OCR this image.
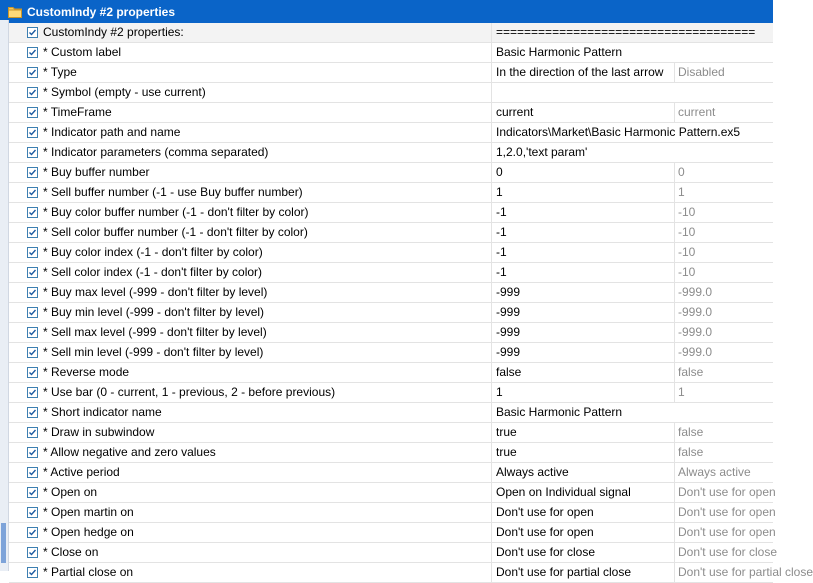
CustomIndy #2 properties
CustomIndy #2 properties:	=====================================
* Custom label	Basic Harmonic Pattern
* Type	In the direction of the last arrow	Disabled
* Symbol (empty - use current)
* TimeFrame	current	current
* Indicator path and name	Indicators\Market\Basic Harmonic Pattern.ex5
* Indicator parameters (comma separated)	1,2.0,'text param'
* Buy buffer number	0	0
* Sell buffer number (-1 - use Buy buffer number)	1	1
* Buy color buffer number (-1 - don't filter by color)	-1	-10
* Sell color buffer number (-1 - don't filter by color)	-1	-10
* Buy color index (-1 - don't filter by color)	-1	-10
* Sell color index (-1 - don't filter by color)	-1	-10
* Buy max level (-999 - don't filter by level)	-999	-999.0
* Buy min level (-999 - don't filter by level)	-999	-999.0
* Sell max level (-999 - don't filter by level)	-999	-999.0
* Sell min level (-999 - don't filter by level)	-999	-999.0
* Reverse mode	false	false
* Use bar (0 - current, 1 - previous, 2 - before previous)	1	1
* Short indicator name	Basic Harmonic Pattern
* Draw in subwindow	true	false
* Allow negative and zero values	true	false
* Active period	Always active	Always active
* Open on	Open on Individual signal	Don't use for open
* Open martin on	Don't use for open	Don't use for open
* Open hedge on	Don't use for open	Don't use for open
* Close on	Don't use for close	Don't use for close
* Partial close on	Don't use for partial close	Don't use for partial close
